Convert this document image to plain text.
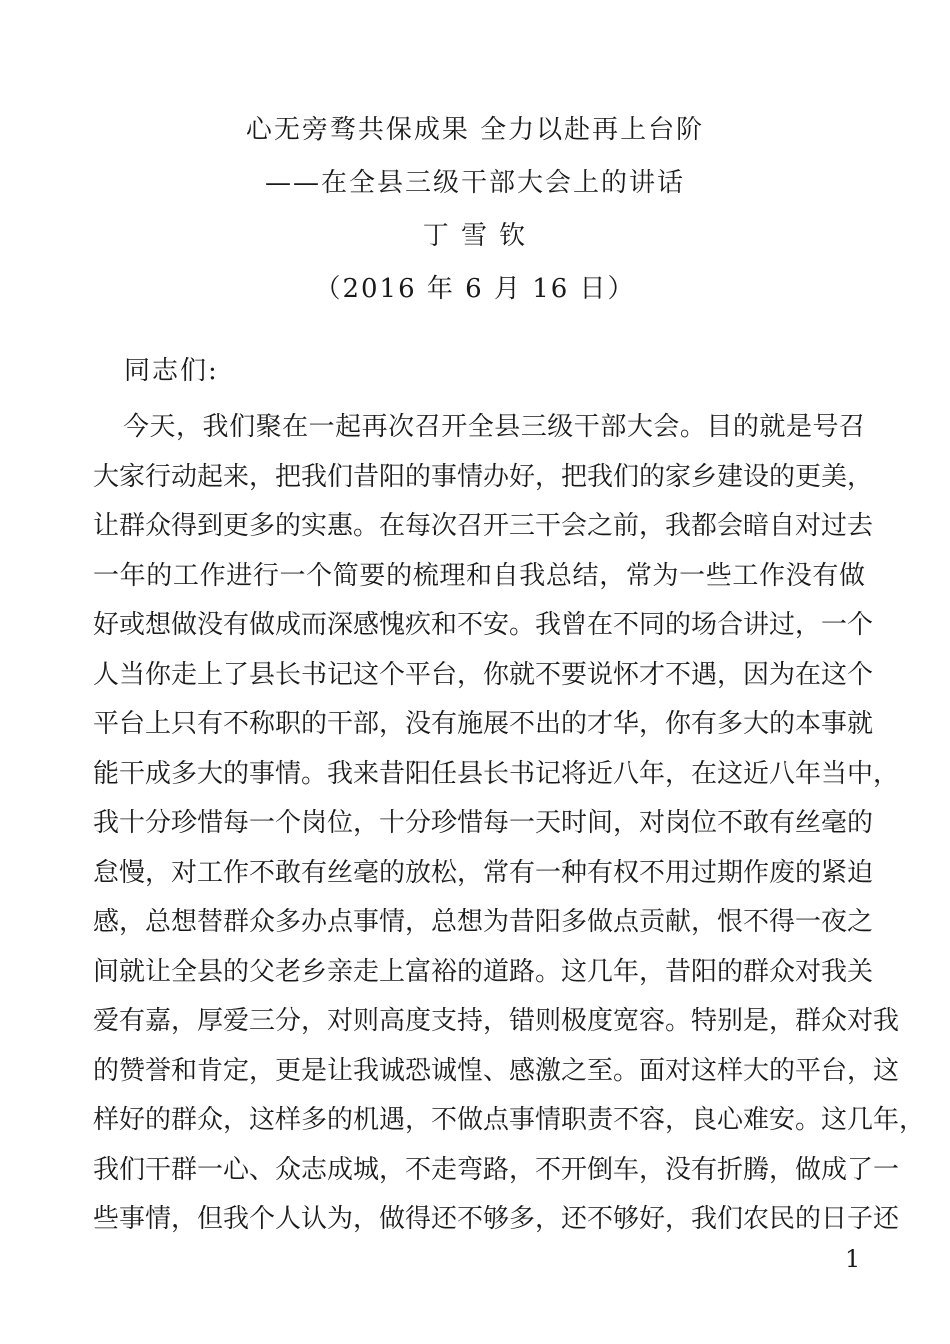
心无旁骛共保成果 全力以赴再上台阶
——在全县三级干部大会上的讲话
丁 雪 钦
（2016 年 6 月 16 日）
同志们:
今天，我们聚在一起再次召开全县三级干部大会。目的就是号召
大家行动起来，把我们昔阳的事情办好，把我们的家乡建设的更美，
让群众得到更多的实惠。在每次召开三干会之前，我都会暗自对过去
一年的工作进行一个简要的梳理和自我总结，常为一些工作没有做
好或想做没有做成而深感愧疚和不安。我曾在不同的场合讲过，一个
人当你走上了县长书记这个平台，你就不要说怀才不遇，因为在这个
平台上只有不称职的干部，没有施展不出的才华，你有多大的本事就
能干成多大的事情。我来昔阳任县长书记将近八年，在这近八年当中，
我十分珍惜每一个岗位，十分珍惜每一天时间，对岗位不敢有丝毫的
怠慢，对工作不敢有丝毫的放松，常有一种有权不用过期作废的紧迫
感，总想替群众多办点事情，总想为昔阳多做点贡献，恨不得一夜之
间就让全县的父老乡亲走上富裕的道路。这几年，昔阳的群众对我关
爱有嘉，厚爱三分，对则高度支持，错则极度宽容。特别是，群众对我
的赞誉和肯定，更是让我诚恐诚惶、感激之至。面对这样大的平台，这
样好的群众，这样多的机遇，不做点事情职责不容，良心难安。这几年，
我们干群一心、众志成城，不走弯路，不开倒车，没有折腾，做成了一
些事情，但我个人认为，做得还不够多，还不够好，我们农民的日子还
1
